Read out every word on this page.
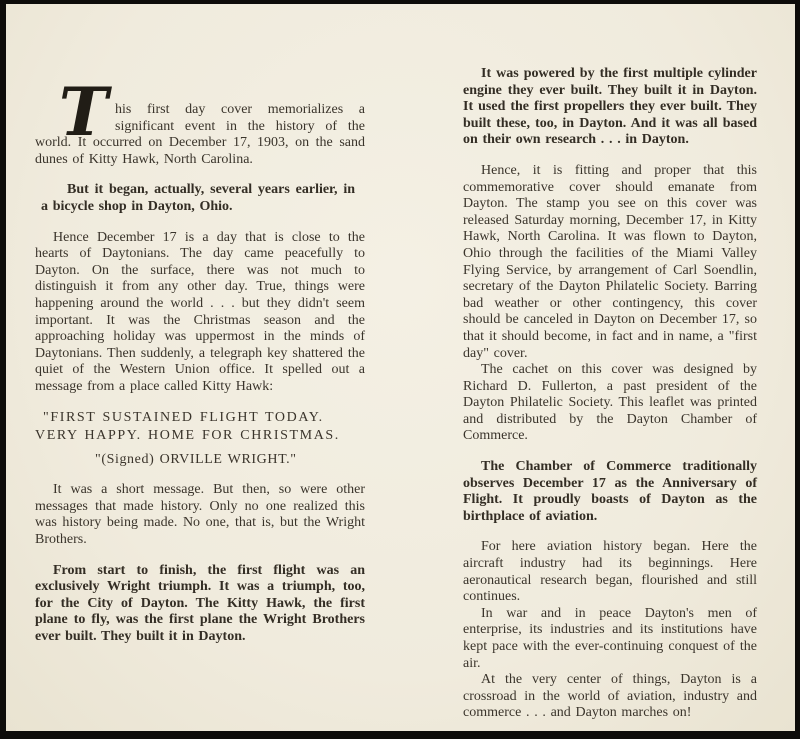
This first day cover memorializes a significant event in the history of the world. It occurred on December 17, 1903, on the sand dunes of Kitty Hawk, North Carolina.

But it began, actually, several years earlier, in a bicycle shop in Dayton, Ohio.

Hence December 17 is a day that is close to the hearts of Daytonians. The day came peacefully to Dayton. On the surface, there was not much to distinguish it from any other day. True, things were happening around the world . . . but they didn't seem important. It was the Christmas season and the approaching holiday was uppermost in the minds of Daytonians. Then suddenly, a telegraph key shattered the quiet of the Western Union office. It spelled out a message from a place called Kitty Hawk:

"FIRST SUSTAINED FLIGHT TODAY.

VERY HAPPY. HOME FOR CHRISTMAS.

"(Signed) ORVILLE WRIGHT."

It was a short message. But then, so were other messages that made history. Only no one realized this was history being made. No one, that is, but the Wright Brothers.

From start to finish, the first flight was an exclusively Wright triumph. It was a triumph, too, for the City of Dayton. The Kitty Hawk, the first plane to fly, was the first plane the Wright Brothers ever built. They built it in Dayton.

It was powered by the first multiple cylinder engine they ever built. They built it in Dayton. It used the first propellers they ever built. They built these, too, in Dayton. And it was all based on their own research . . . in Dayton.

Hence, it is fitting and proper that this commemorative cover should emanate from Dayton. The stamp you see on this cover was released Saturday morning, December 17, in Kitty Hawk, North Carolina. It was flown to Dayton, Ohio through the facilities of the Miami Valley Flying Service, by arrangement of Carl Soendlin, secretary of the Dayton Philatelic Society. Barring bad weather or other contingency, this cover should be canceled in Dayton on December 17, so that it should become, in fact and in name, a "first day" cover.

The cachet on this cover was designed by Richard D. Fullerton, a past president of the Dayton Philatelic Society. This leaflet was printed and distributed by the Dayton Chamber of Commerce.

The Chamber of Commerce traditionally observes December 17 as the Anniversary of Flight. It proudly boasts of Dayton as the birthplace of aviation.

For here aviation history began. Here the aircraft industry had its beginnings. Here aeronautical research began, flourished and still continues.

In war and in peace Dayton's men of enterprise, its industries and its institutions have kept pace with the ever-continuing conquest of the air.

At the very center of things, Dayton is a crossroad in the world of aviation, industry and commerce . . . and Dayton marches on!
